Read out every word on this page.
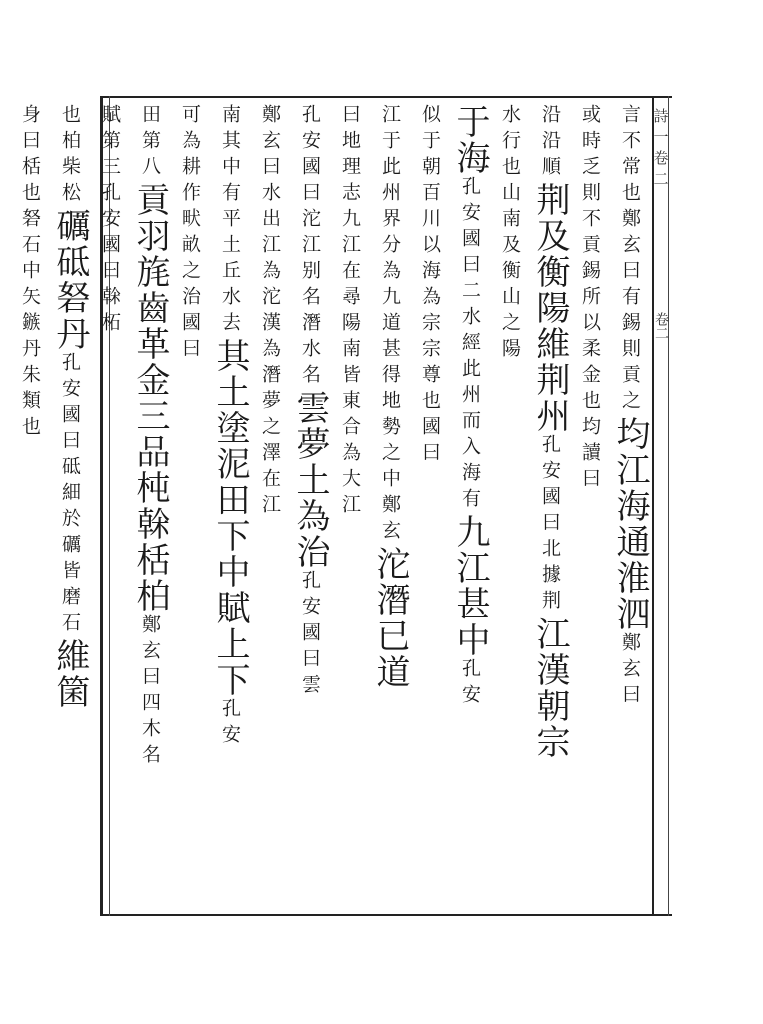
詩一卷二
卷二
言不常也鄭玄曰有錫則貢之
均江海通淮泗
鄭玄曰
或時乏則不貢錫所以柔金也
均讀曰
沿沿順
荆及衡陽維荆州
孔安國曰北據荆
江漢朝宗
水行也
山南及衡山之陽
于海
孔安國曰二水經此州而入海有
九江甚中
孔安
似于朝百川以海為宗宗尊也
國曰
江于此州界分為九道甚得地勢之中鄭玄
沱潛已道
曰地理志九江在尋陽南皆東合為大江
孔安國曰沱江别名潛水名
雲夢土為治
孔安國曰雲
鄭玄曰水出江為沱漢為潛
夢之澤在江
南其中有平土丘水去
其土塗泥田下中賦上下
孔安
可為耕作畎畝之治
國曰
田第八
貢羽旄齒革金三品杶榦栝柏
鄭玄曰四木名
賦第三
孔安國曰榦柘
也柏柴松
礪砥砮丹
孔安國曰砥細於礪皆磨石
維箘
身曰栝
也砮石中矢鏃丹朱類也
